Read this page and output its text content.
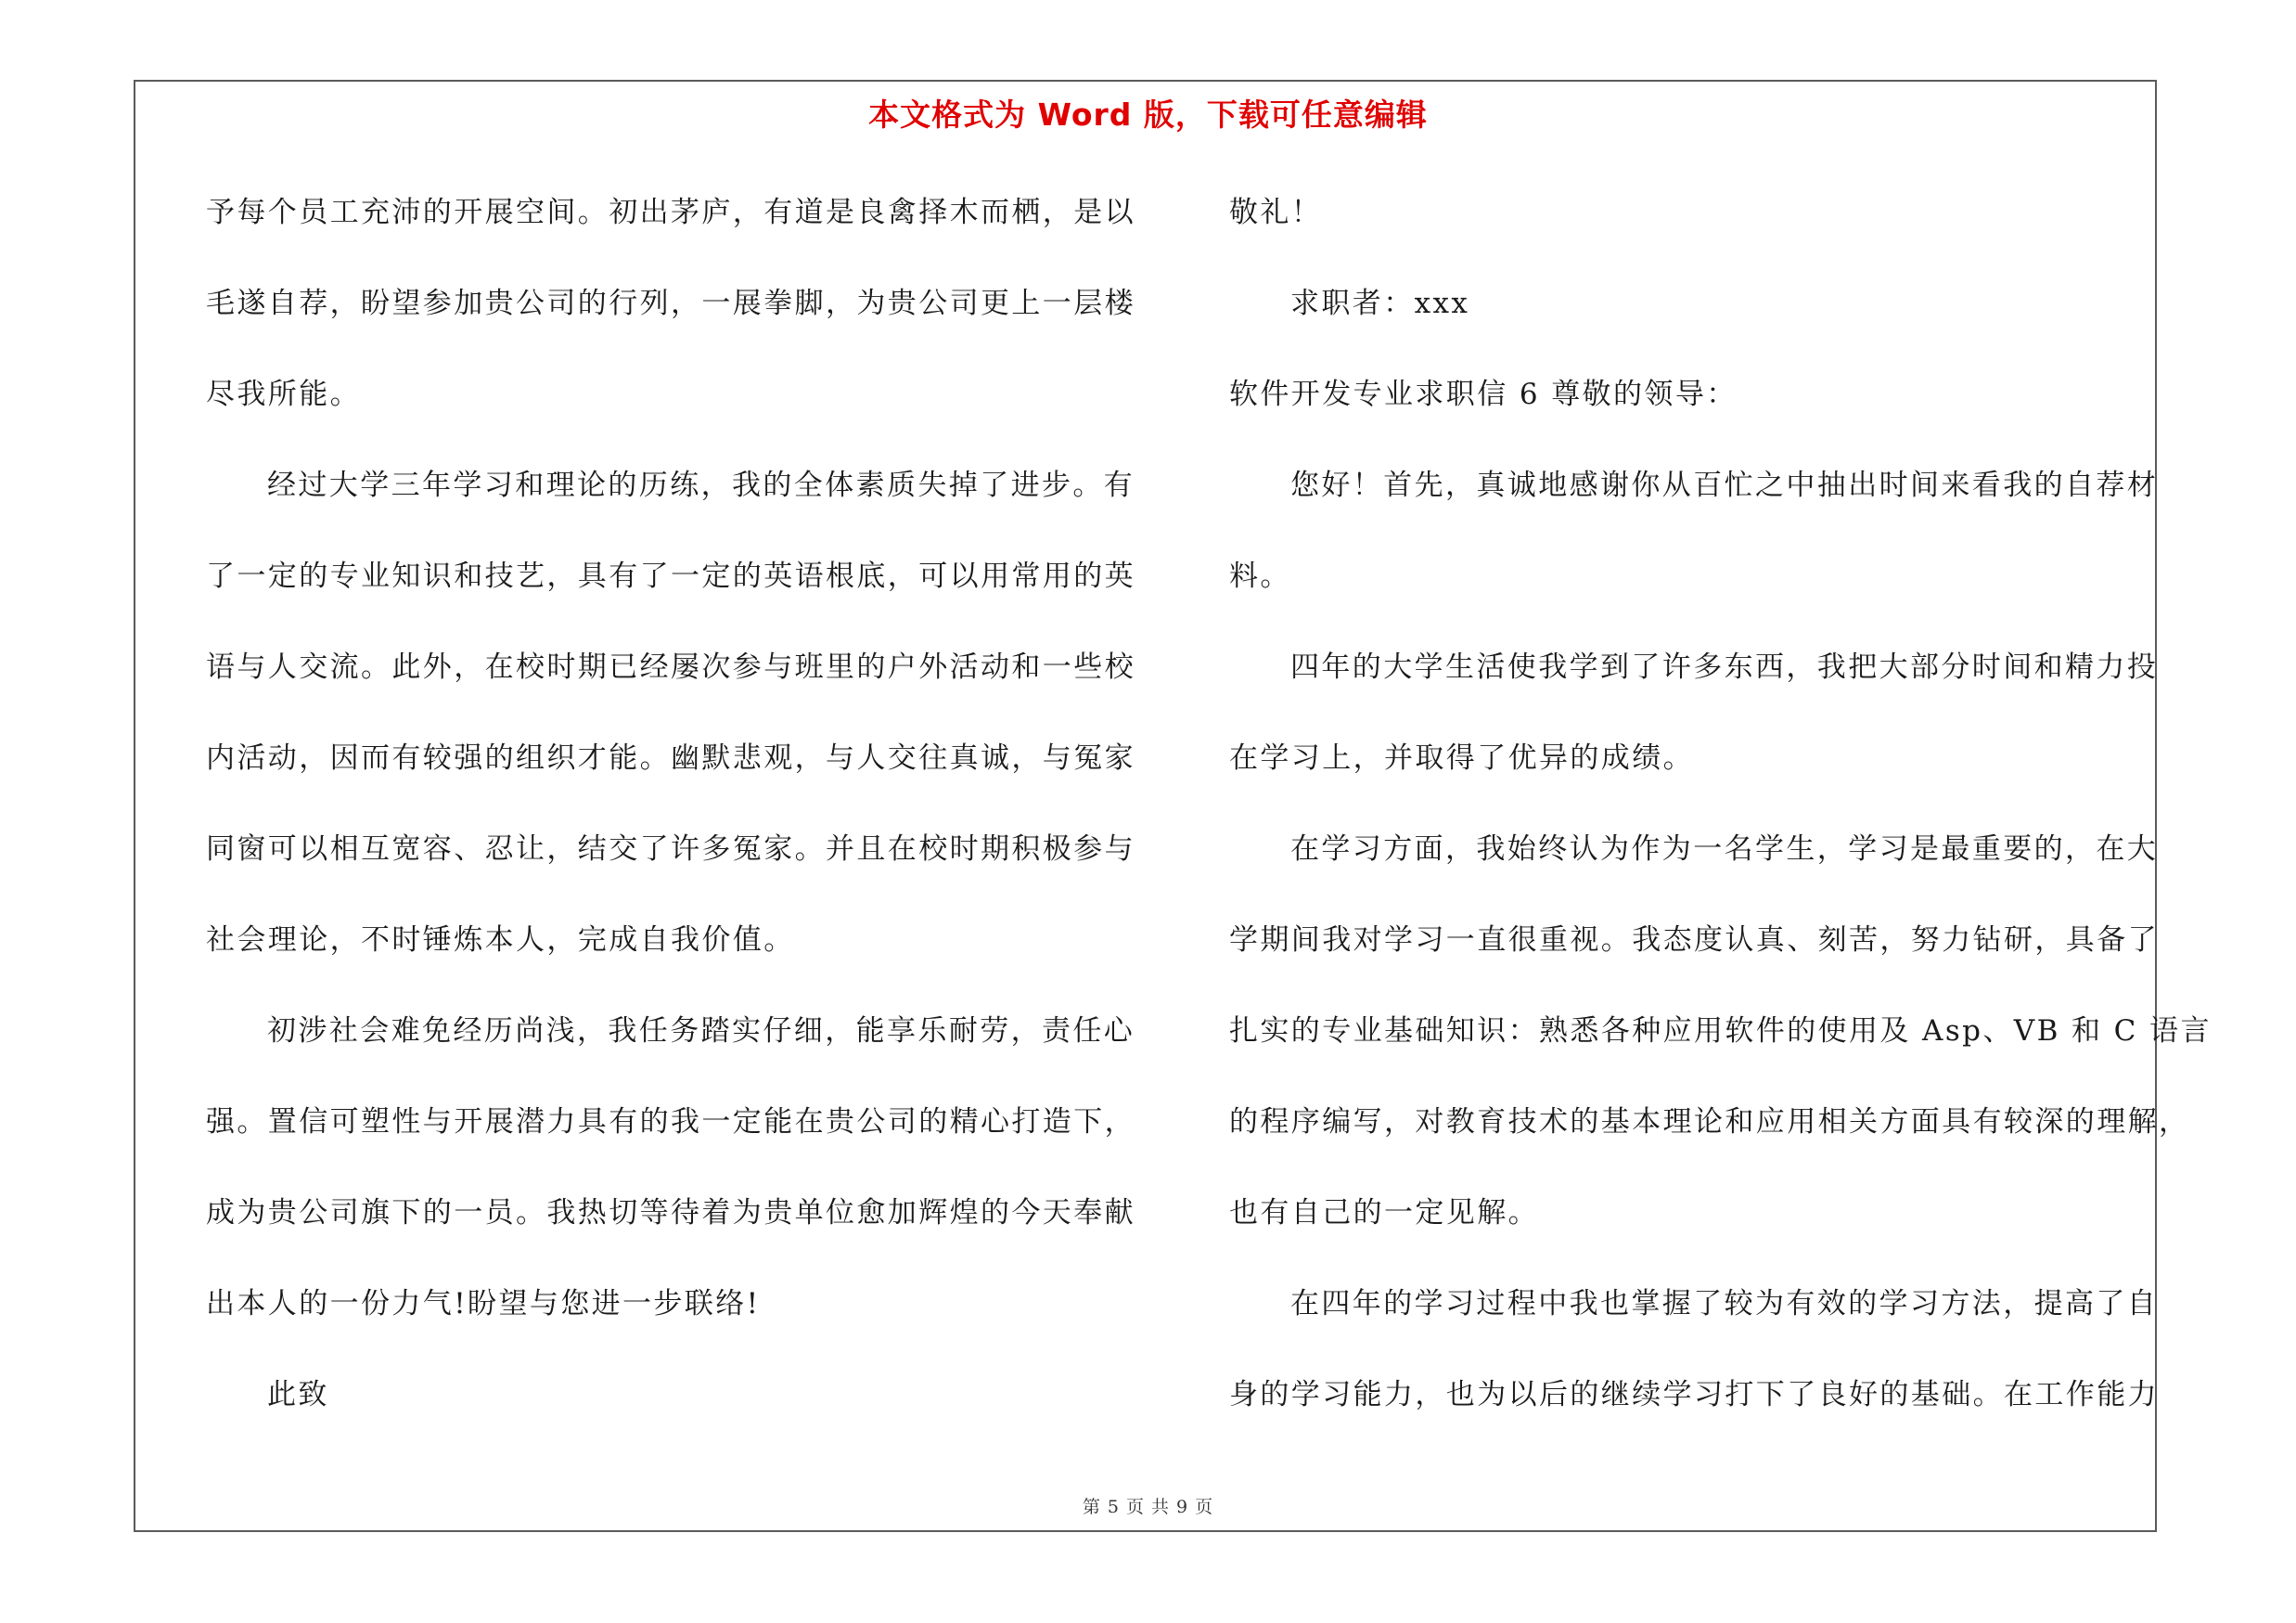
本文格式为 Word 版，下载可任意编辑
予每个员工充沛的开展空间。初出茅庐，有道是良禽择木而栖，是以
毛遂自荐，盼望参加贵公司的行列，一展拳脚，为贵公司更上一层楼
尽我所能。
经过大学三年学习和理论的历练，我的全体素质失掉了进步。有
了一定的专业知识和技艺，具有了一定的英语根底，可以用常用的英
语与人交流。此外，在校时期已经屡次参与班里的户外活动和一些校
内活动，因而有较强的组织才能。幽默悲观，与人交往真诚，与冤家
同窗可以相互宽容、忍让，结交了许多冤家。并且在校时期积极参与
社会理论，不时锤炼本人，完成自我价值。
初涉社会难免经历尚浅，我任务踏实仔细，能享乐耐劳，责任心
强。置信可塑性与开展潜力具有的我一定能在贵公司的精心打造下，
成为贵公司旗下的一员。我热切等待着为贵单位愈加辉煌的今天奉献
出本人的一份力气!盼望与您进一步联络!
此致
敬礼！
求职者：xxx
软件开发专业求职信 6 尊敬的领导：
您好！首先，真诚地感谢你从百忙之中抽出时间来看我的自荐材
料。
四年的大学生活使我学到了许多东西，我把大部分时间和精力投
在学习上，并取得了优异的成绩。
在学习方面，我始终认为作为一名学生，学习是最重要的，在大
学期间我对学习一直很重视。我态度认真、刻苦，努力钻研，具备了
扎实的专业基础知识：熟悉各种应用软件的使用及 Asp、VB 和 C 语言
的程序编写，对教育技术的基本理论和应用相关方面具有较深的理解，
也有自己的一定见解。
在四年的学习过程中我也掌握了较为有效的学习方法，提高了自
身的学习能力，也为以后的继续学习打下了良好的基础。在工作能力
第 5 页 共 9 页
